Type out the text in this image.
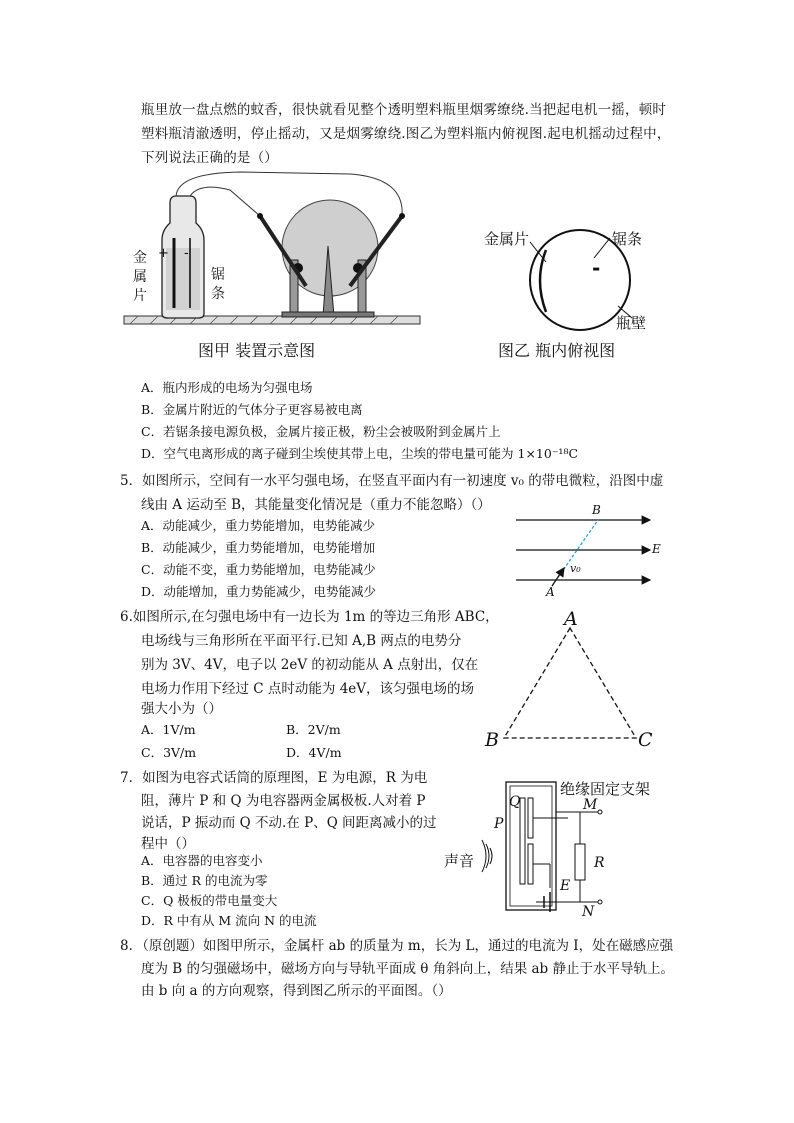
瓶里放一盘点燃的蚊香，很快就看见整个透明塑料瓶里烟雾缭绕.当把起电机一摇，顿时
塑料瓶清澈透明，停止摇动，又是烟雾缭绕.图乙为塑料瓶内俯视图.起电机摇动过程中，
下列说法正确的是（）
+ -
金
属
片
锯
条
图甲 装置示意图
金属片	锯条
-
瓶壁
图乙 瓶内俯视图
A．瓶内形成的电场为匀强电场
B．金属片附近的气体分子更容易被电离
C．若锯条接电源负极，金属片接正极，粉尘会被吸附到金属片上
D．空气电离形成的离子碰到尘埃使其带上电，尘埃的带电量可能为 1×10⁻¹⁸C
5．如图所示，空间有一水平匀强电场，在竖直平面内有一初速度 v₀ 的带电微粒，沿图中虚
线由 A 运动至 B，其能量变化情况是（重力不能忽略）（）
A．动能减少，重力势能增加，电势能减少
B．动能减少，重力势能增加，电势能增加
C．动能不变，重力势能增加，电势能减少
D．动能增加，重力势能减少，电势能减少
B
E
v₀
A
6.如图所示,在匀强电场中有一边长为 1m 的等边三角形 ABC，
电场线与三角形所在平面平行.已知 A,B 两点的电势分
别为 3V、4V，电子以 2eV 的初动能从 A 点射出，仅在
电场力作用下经过 C 点时动能为 4eV，该匀强电场的场
强大小为（）
A．1V/m	B．2V/m
C．3V/m	D．4V/m
A
B	C
7．如图为电容式话筒的原理图，E 为电源，R 为电
阻，薄片 P 和 Q 为电容器两金属极板.人对着 P
说话，P 振动而 Q 不动.在 P、Q 间距离减小的过
程中（）
A．电容器的电容变小
B．通过 R 的电流为零
C．Q 极板的带电量变大
D．R 中有从 M 流向 N 的电流
绝缘固定支架
Q	M
P
R
声音
E
N
8．（原创题）如图甲所示，金属杆 ab 的质量为 m，长为 L，通过的电流为 I，处在磁感应强
度为 B 的匀强磁场中，磁场方向与导轨平面成 θ 角斜向上，结果 ab 静止于水平导轨上。
由 b 向 a 的方向观察，得到图乙所示的平面图。（）
